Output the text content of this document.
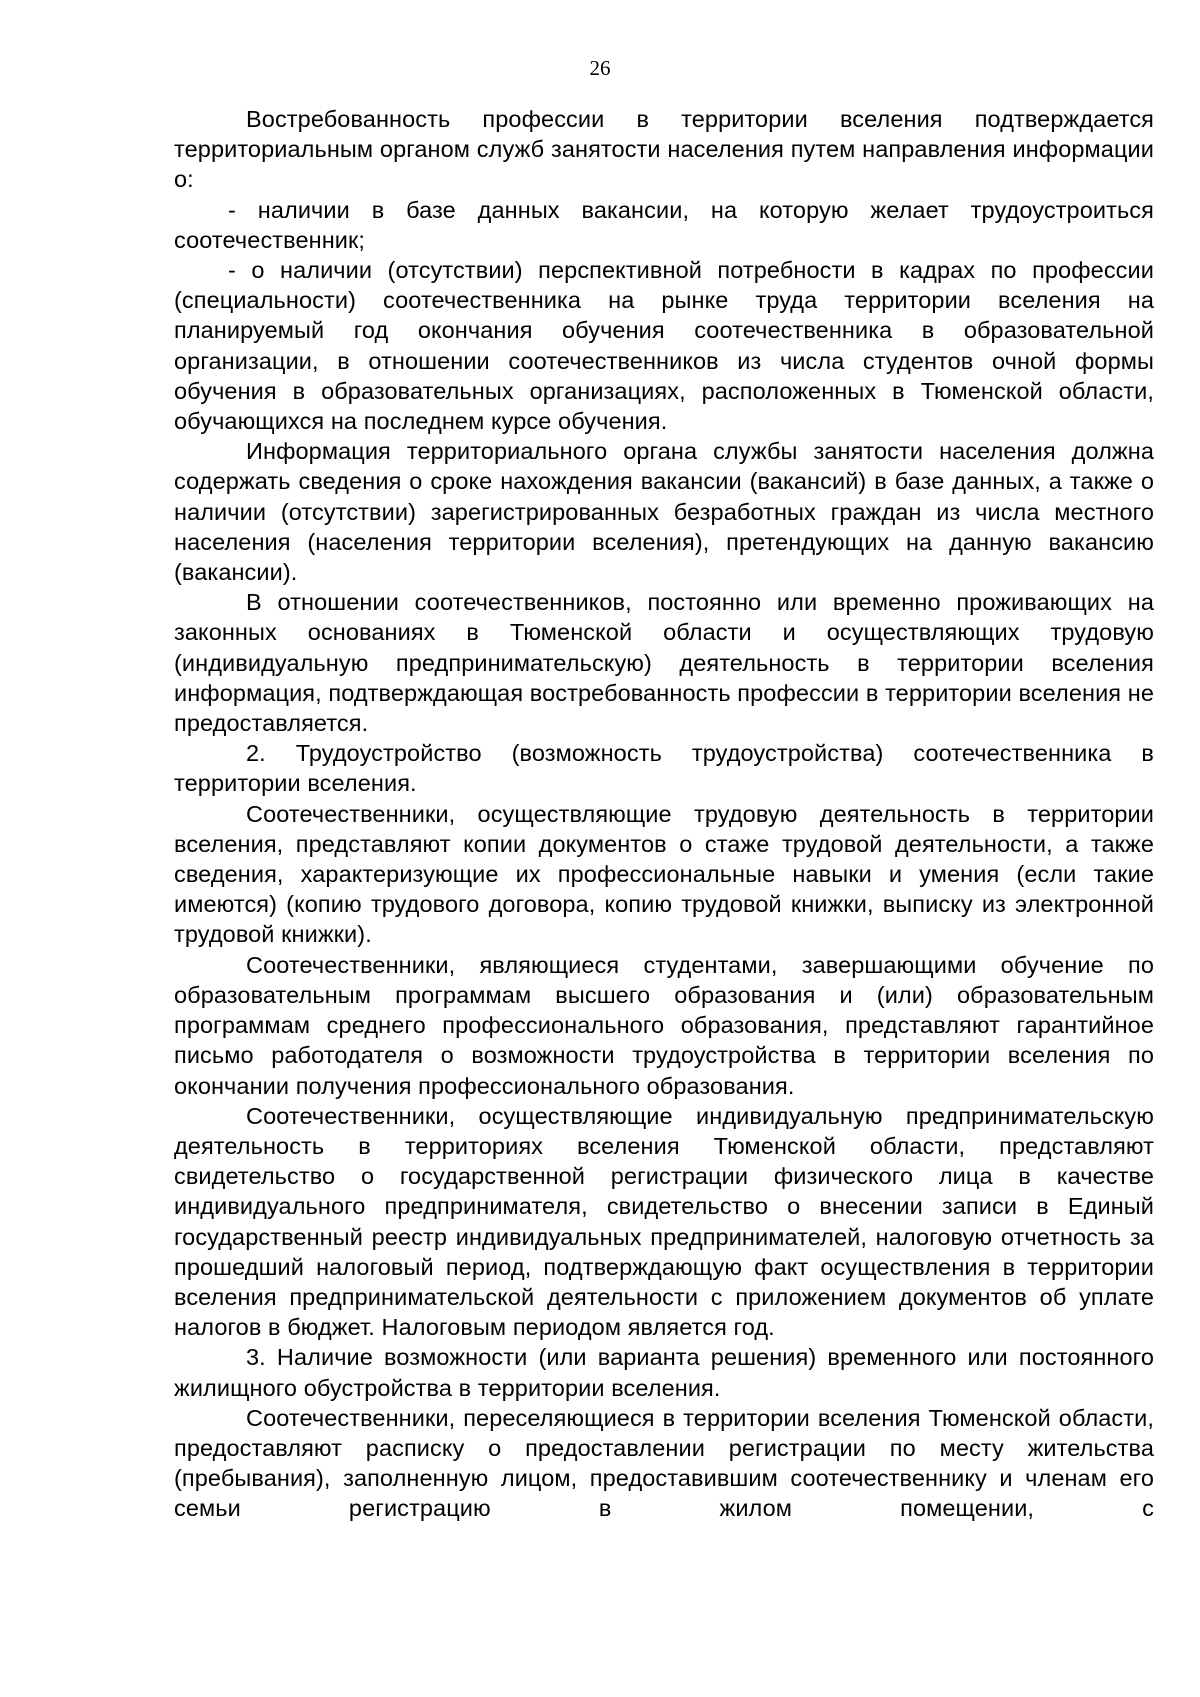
26

Востребованность профессии в территории вселения подтверждается территориальным органом служб занятости населения путем направления информации о:

- наличии в базе данных вакансии, на которую желает трудоустроиться соотечественник;

- о наличии (отсутствии) перспективной потребности в кадрах по профессии (специальности) соотечественника на рынке труда территории вселения на планируемый год окончания обучения соотечественника в образовательной организации, в отношении соотечественников из числа студентов очной формы обучения в образовательных организациях, расположенных в Тюменской области, обучающихся на последнем курсе обучения.

Информация территориального органа службы занятости населения должна содержать сведения о сроке нахождения вакансии (вакансий) в базе данных, а также о наличии (отсутствии) зарегистрированных безработных граждан из числа местного населения (населения территории вселения), претендующих на данную вакансию (вакансии).

В отношении соотечественников, постоянно или временно проживающих на законных основаниях в Тюменской области и осуществляющих трудовую (индивидуальную предпринимательскую) деятельность в территории вселения информация, подтверждающая востребованность профессии в территории вселения не предоставляется.

2. Трудоустройство (возможность трудоустройства) соотечественника в территории вселения.

Соотечественники, осуществляющие трудовую деятельность в территории вселения, представляют копии документов о стаже трудовой деятельности, а также сведения, характеризующие их профессиональные навыки и умения (если такие имеются) (копию трудового договора, копию трудовой книжки, выписку из электронной трудовой книжки).

Соотечественники, являющиеся студентами, завершающими обучение по образовательным программам высшего образования и (или) образовательным программам среднего профессионального образования, представляют гарантийное письмо работодателя о возможности трудоустройства в территории вселения по окончании получения профессионального образования.

Соотечественники, осуществляющие индивидуальную предпринимательскую деятельность в территориях вселения Тюменской области, представляют свидетельство о государственной регистрации физического лица в качестве индивидуального предпринимателя, свидетельство о внесении записи в Единый государственный реестр индивидуальных предпринимателей, налоговую отчетность за прошедший налоговый период, подтверждающую факт осуществления в территории вселения предпринимательской деятельности с приложением документов об уплате налогов в бюджет. Налоговым периодом является год.

3. Наличие возможности (или варианта решения) временного или постоянного жилищного обустройства в территории вселения.

Соотечественники, переселяющиеся в территории вселения Тюменской области, предоставляют расписку о предоставлении регистрации по месту жительства (пребывания), заполненную лицом, предоставившим соотечественнику и членам его семьи регистрацию в жилом помещении, с
